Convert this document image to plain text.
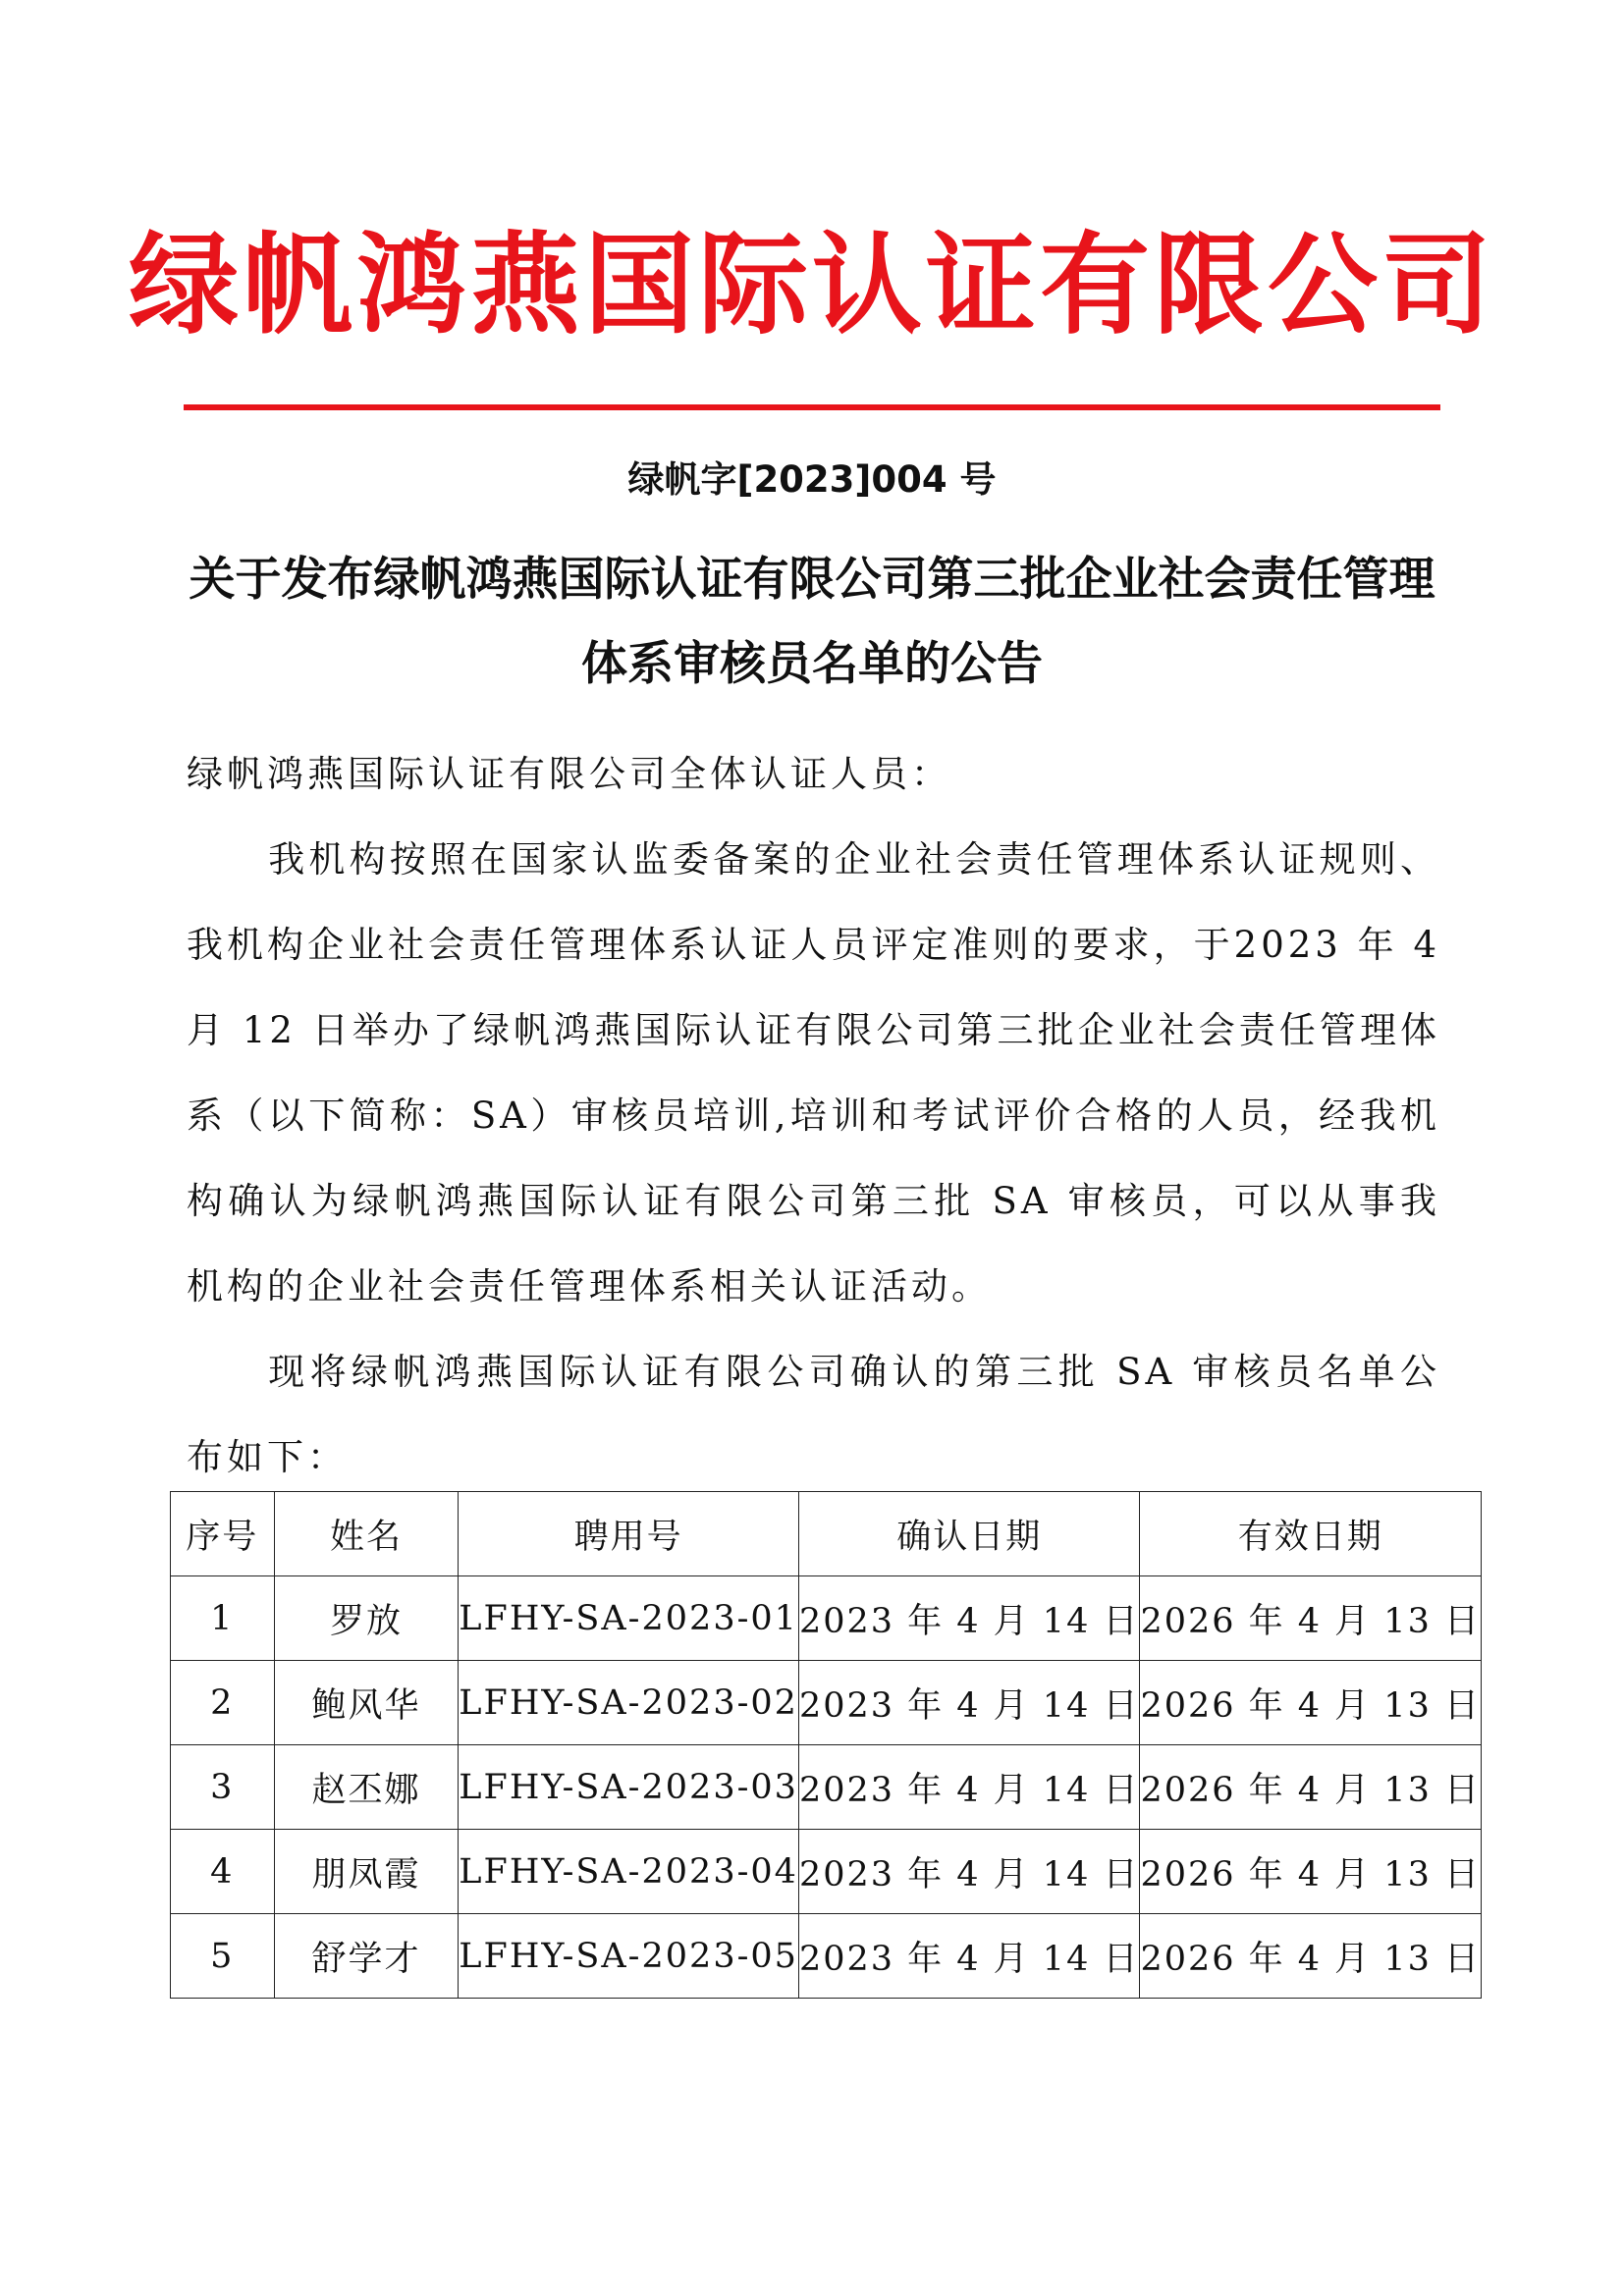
绿帆鸿燕国际认证有限公司
绿帆字[2023]004 号
关于发布绿帆鸿燕国际认证有限公司第三批企业社会责任管理体系审核员名单的公告

绿帆鸿燕国际认证有限公司全体认证人员：

我机构按照在国家认监委备案的企业社会责任管理体系认证规则、我机构企业社会责任管理体系认证人员评定准则的要求，于2023 年 4 月 12 日举办了绿帆鸿燕国际认证有限公司第三批企业社会责任管理体系（以下简称：SA）审核员培训,培训和考试评价合格的人员，经我机构确认为绿帆鸿燕国际认证有限公司第三批 SA 审核员，可以从事我机构的企业社会责任管理体系相关认证活动。

现将绿帆鸿燕国际认证有限公司确认的第三批 SA 审核员名单公布如下：

序号	姓名	聘用号	确认日期	有效日期
1	罗放	LFHY-SA-2023-01	2023 年 4 月 14 日	2026 年 4 月 13 日
2	鲍风华	LFHY-SA-2023-02	2023 年 4 月 14 日	2026 年 4 月 13 日
3	赵丕娜	LFHY-SA-2023-03	2023 年 4 月 14 日	2026 年 4 月 13 日
4	朋凤霞	LFHY-SA-2023-04	2023 年 4 月 14 日	2026 年 4 月 13 日
5	舒学才	LFHY-SA-2023-05	2023 年 4 月 14 日	2026 年 4 月 13 日
